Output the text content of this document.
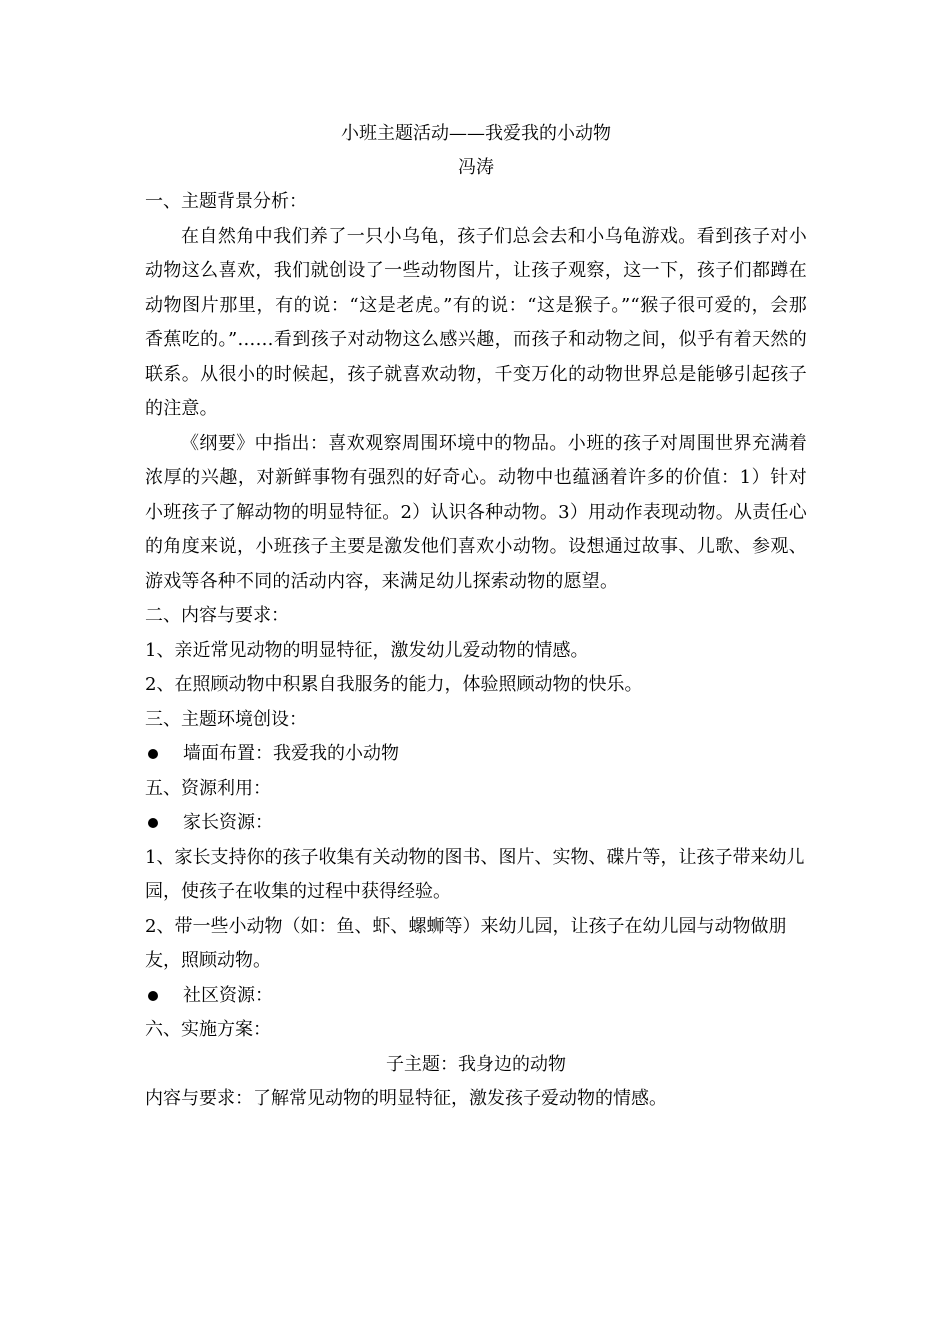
小班主题活动——我爱我的小动物

冯涛

一、主题背景分析：

在自然角中我们养了一只小乌龟，孩子们总会去和小乌龟游戏。看到孩子对小动物这么喜欢，我们就创设了一些动物图片，让孩子观察，这一下，孩子们都蹲在动物图片那里，有的说：“这是老虎。”有的说：“这是猴子。”“猴子很可爱的，会那香蕉吃的。”……看到孩子对动物这么感兴趣，而孩子和动物之间，似乎有着天然的联系。从很小的时候起，孩子就喜欢动物，千变万化的动物世界总是能够引起孩子的注意。

《纲要》中指出：喜欢观察周围环境中的物品。小班的孩子对周围世界充满着浓厚的兴趣，对新鲜事物有强烈的好奇心。动物中也蕴涵着许多的价值：1）针对小班孩子了解动物的明显特征。2）认识各种动物。3）用动作表现动物。从责任心的角度来说，小班孩子主要是激发他们喜欢小动物。设想通过故事、儿歌、参观、游戏等各种不同的活动内容，来满足幼儿探索动物的愿望。

二、内容与要求：

1、亲近常见动物的明显特征，激发幼儿爱动物的情感。

2、在照顾动物中积累自我服务的能力，体验照顾动物的快乐。

三、主题环境创设：

墙面布置：我爱我的小动物

五、资源利用：

家长资源：

1、家长支持你的孩子收集有关动物的图书、图片、实物、碟片等，让孩子带来幼儿园，使孩子在收集的过程中获得经验。

2、带一些小动物（如：鱼、虾、螺蛳等）来幼儿园，让孩子在幼儿园与动物做朋友，照顾动物。

社区资源：

六、实施方案：

子主题：我身边的动物

内容与要求：了解常见动物的明显特征，激发孩子爱动物的情感。
